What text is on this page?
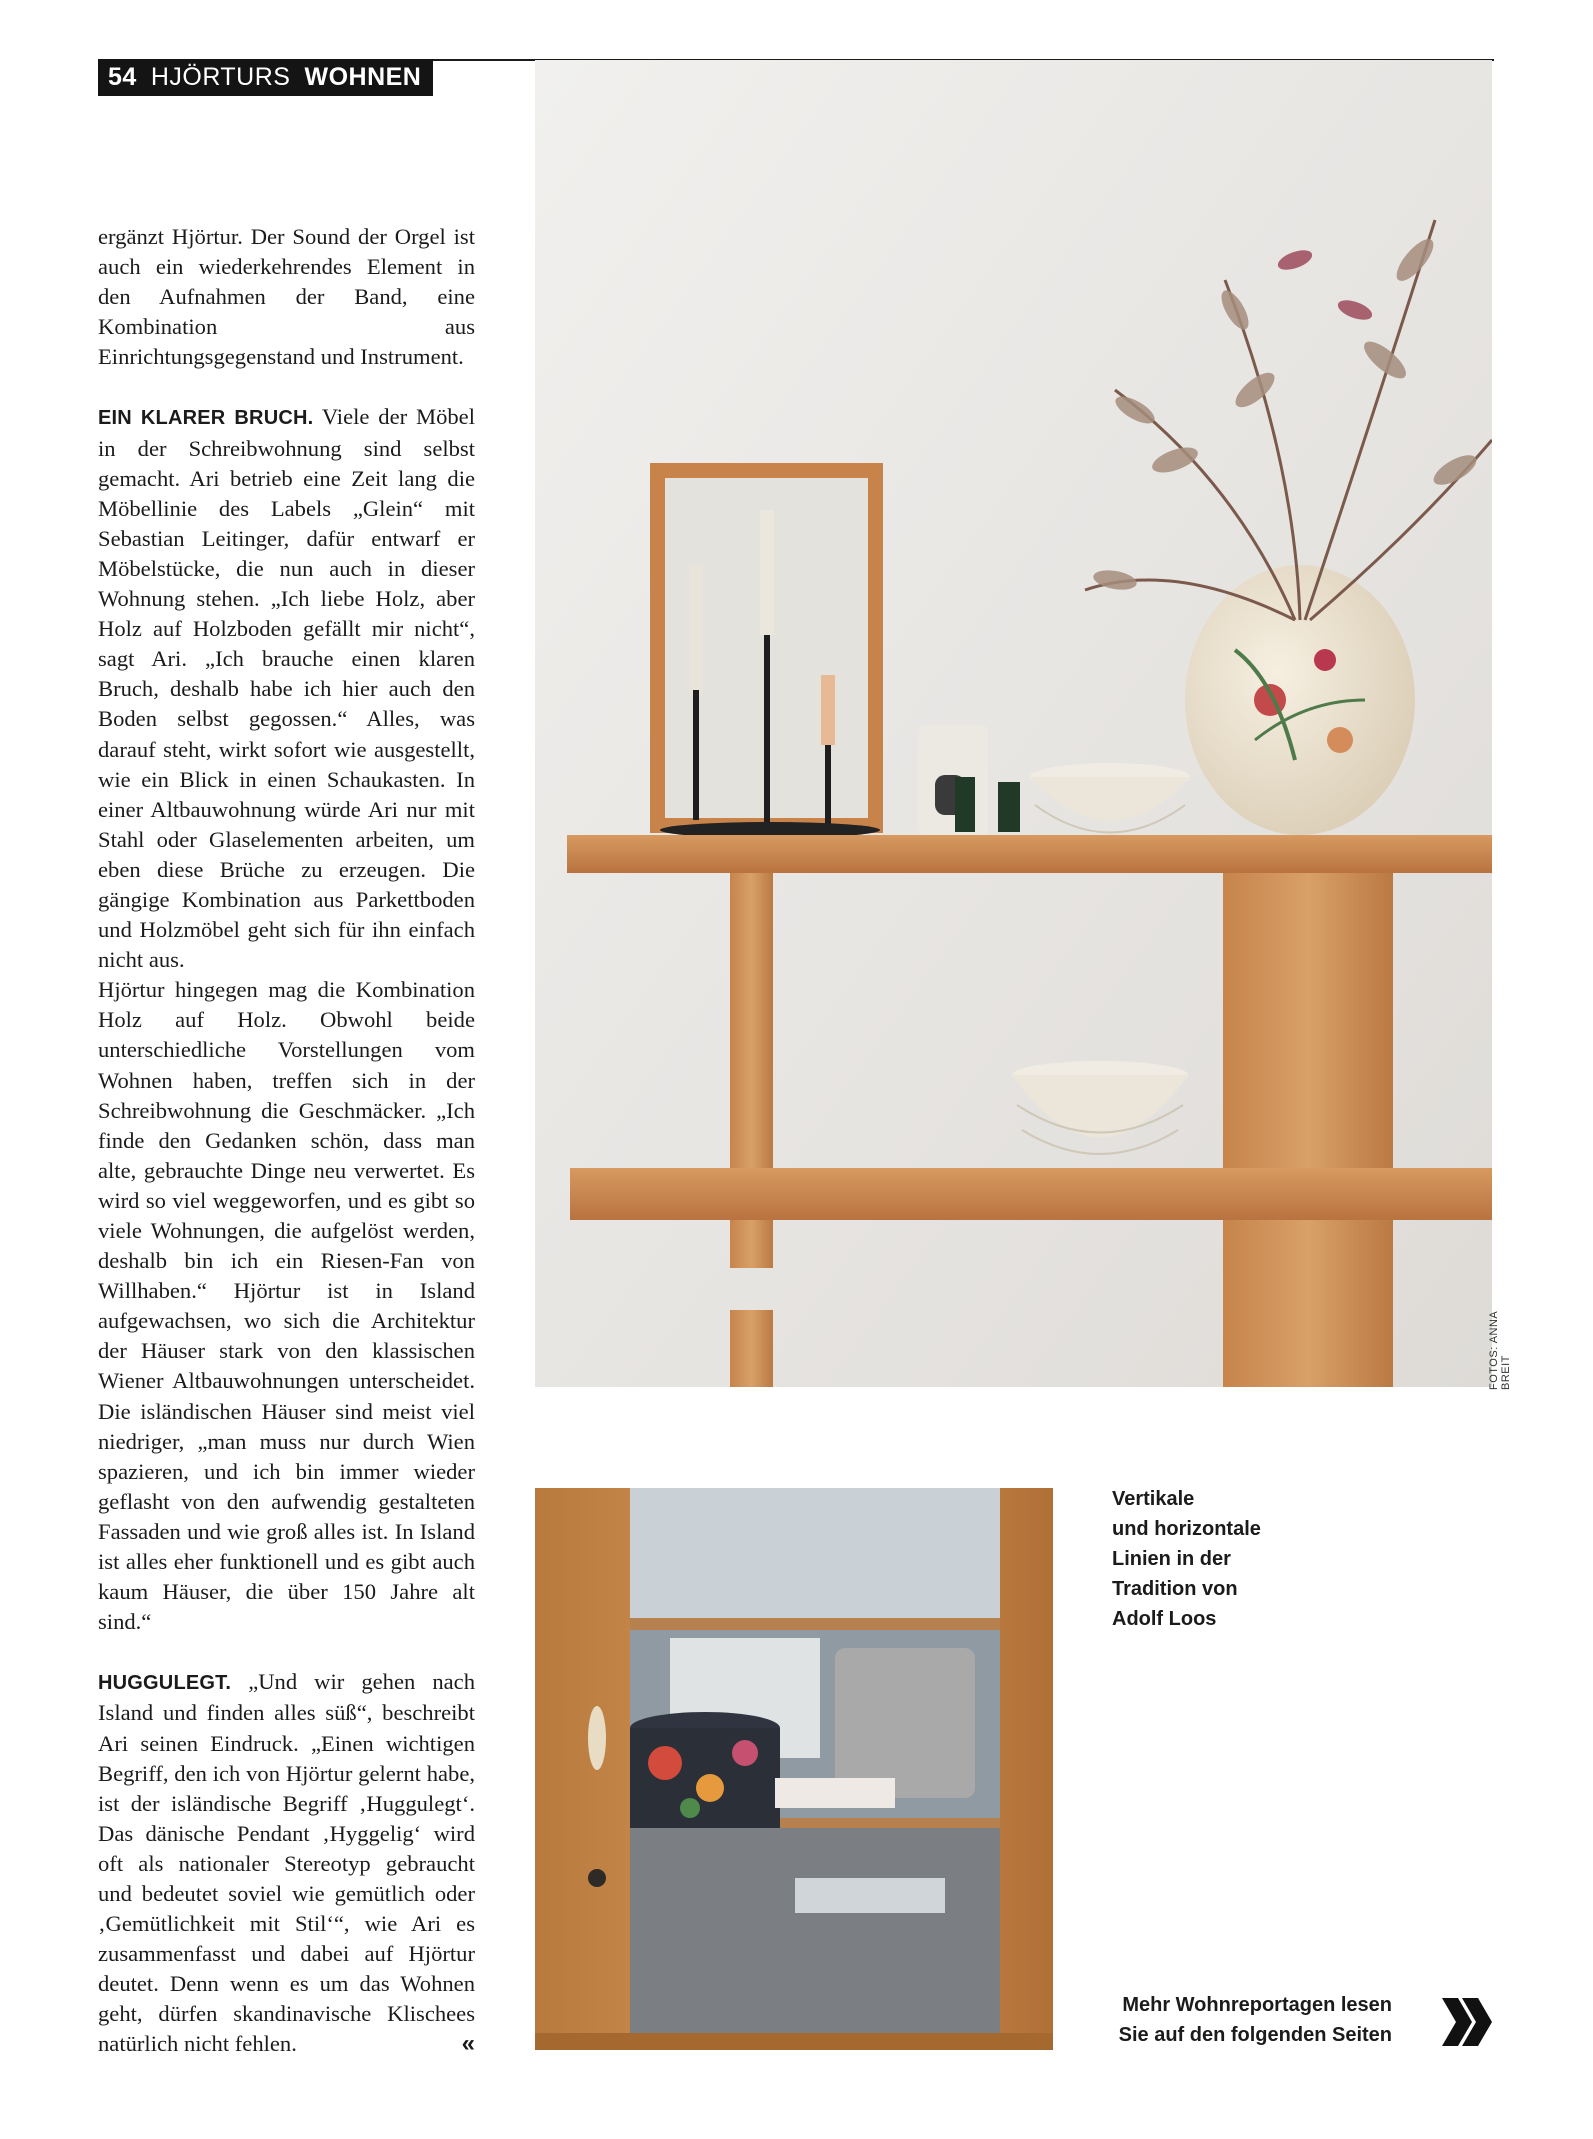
54 HJÖRTURS WOHNEN

ergänzt Hjörtur. Der Sound der Orgel ist auch ein wiederkehrendes Element in den Aufnahmen der Band, eine Kombination aus Einrichtungsgegenstand und Instrument.

EIN KLARER BRUCH. Viele der Möbel in der Schreibwohnung sind selbst gemacht. Ari betrieb eine Zeit lang die Möbellinie des Labels „Glein“ mit Sebastian Leitinger, dafür entwarf er Möbelstücke, die nun auch in dieser Wohnung stehen. „Ich liebe Holz, aber Holz auf Holzboden gefällt mir nicht“, sagt Ari. „Ich brauche einen klaren Bruch, deshalb habe ich hier auch den Boden selbst gegossen.“ Alles, was darauf steht, wirkt sofort wie ausgestellt, wie ein Blick in einen Schaukasten. In einer Altbauwohnung würde Ari nur mit Stahl oder Glaselementen arbeiten, um eben diese Brüche zu erzeugen. Die gängige Kombination aus Parkettboden und Holzmöbel geht sich für ihn einfach nicht aus.

Hjörtur hingegen mag die Kombination Holz auf Holz. Obwohl beide unterschiedliche Vorstellungen vom Wohnen haben, treffen sich in der Schreibwohnung die Geschmäcker. „Ich finde den Gedanken schön, dass man alte, gebrauchte Dinge neu verwertet. Es wird so viel weggeworfen, und es gibt so viele Wohnungen, die aufgelöst werden, deshalb bin ich ein Riesen-Fan von Willhaben.“ Hjörtur ist in Island aufgewachsen, wo sich die Architektur der Häuser stark von den klassischen Wiener Altbauwohnungen unterscheidet. Die isländischen Häuser sind meist viel niedriger, „man muss nur durch Wien spazieren, und ich bin immer wieder geflasht von den aufwendig gestalteten Fassaden und wie groß alles ist. In Island ist alles eher funktionell und es gibt auch kaum Häuser, die über 150 Jahre alt sind.“

HUGGULEGT. „Und wir gehen nach Island und finden alles süß“, beschreibt Ari seinen Eindruck. „Einen wichtigen Begriff, den ich von Hjörtur gelernt habe, ist der isländische Begriff ‚Huggulegt‘. Das dänische Pendant ‚Hyggelig‘ wird oft als nationaler Stereotyp gebraucht und bedeutet soviel wie gemütlich oder ‚Gemütlichkeit mit Stil‘“, wie Ari es zusammenfasst und dabei auf Hjörtur deutet. Denn wenn es um das Wohnen geht, dürfen skandinavische Klischees natürlich nicht fehlen.	«

FOTOS: ANNA BREIT
Vertikale
und horizontale
Linien in der
Tradition von
Adolf Loos
Mehr Wohnreportagen lesen
Sie auf den folgenden Seiten
